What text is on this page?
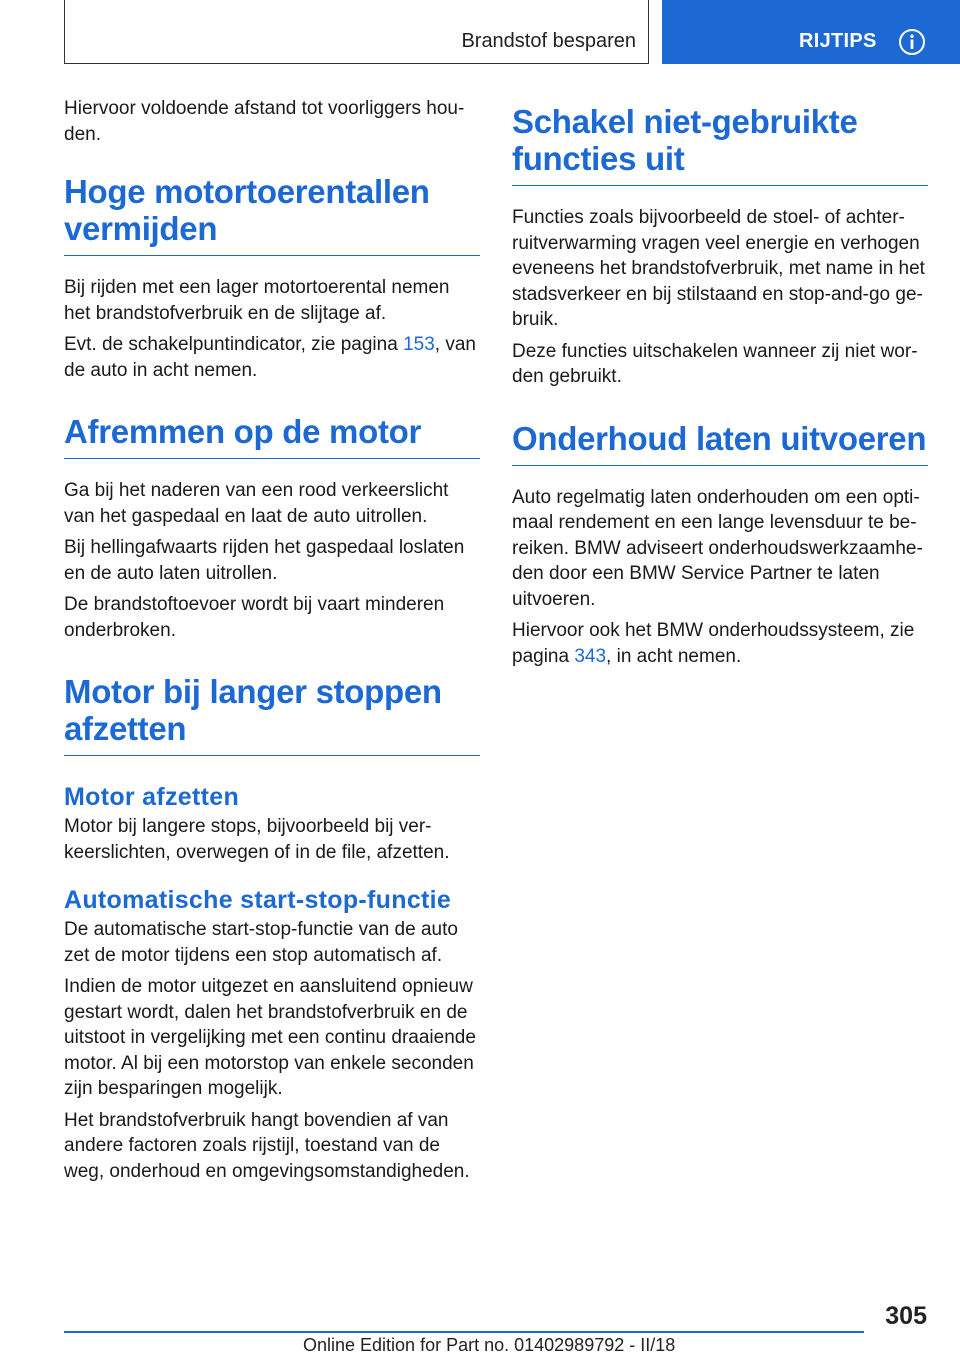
Brandstof besparen	RIJTIPS

Hiervoor voldoende afstand tot voorliggers hou-den.

Hoge motortoerentallen vermijden

Bij rijden met een lager motortoerental nemen het brandstofverbruik en de slijtage af.

Evt. de schakelpuntindicator, zie pagina 153, van de auto in acht nemen.

Afremmen op de motor

Ga bij het naderen van een rood verkeerslicht van het gaspedaal en laat de auto uitrollen.

Bij hellingafwaarts rijden het gaspedaal loslaten en de auto laten uitrollen.

De brandstoftoevoer wordt bij vaart minderen onderbroken.

Motor bij langer stoppen afzetten
Motor afzetten

Motor bij langere stops, bijvoorbeeld bij ver-keerslichten, overwegen of in de file, afzetten.

Automatische start-stop-functie

De automatische start-stop-functie van de auto zet de motor tijdens een stop automatisch af.

Indien de motor uitgezet en aansluitend opnieuw gestart wordt, dalen het brandstofverbruik en de uitstoot in vergelijking met een continu draaiende motor. Al bij een motorstop van enkele seconden zijn besparingen mogelijk.

Het brandstofverbruik hangt bovendien af van andere factoren zoals rijstijl, toestand van de weg, onderhoud en omgevingsomstandigheden.

Schakel niet-gebruikte functies uit

Functies zoals bijvoorbeeld de stoel- of achter-ruitverwarming vragen veel energie en verhogen eveneens het brandstofverbruik, met name in het stadsverkeer en bij stilstaand en stop-and-go ge-bruik.

Deze functies uitschakelen wanneer zij niet wor-den gebruikt.

Onderhoud laten uitvoeren

Auto regelmatig laten onderhouden om een opti-maal rendement en een lange levensduur te be-reiken. BMW adviseert onderhoudswerkzaamhe-den door een BMW Service Partner te laten uitvoeren.

Hiervoor ook het BMW onderhoudssysteem, zie pagina 343, in acht nemen.

305
Online Edition for Part no. 01402989792 - II/18
